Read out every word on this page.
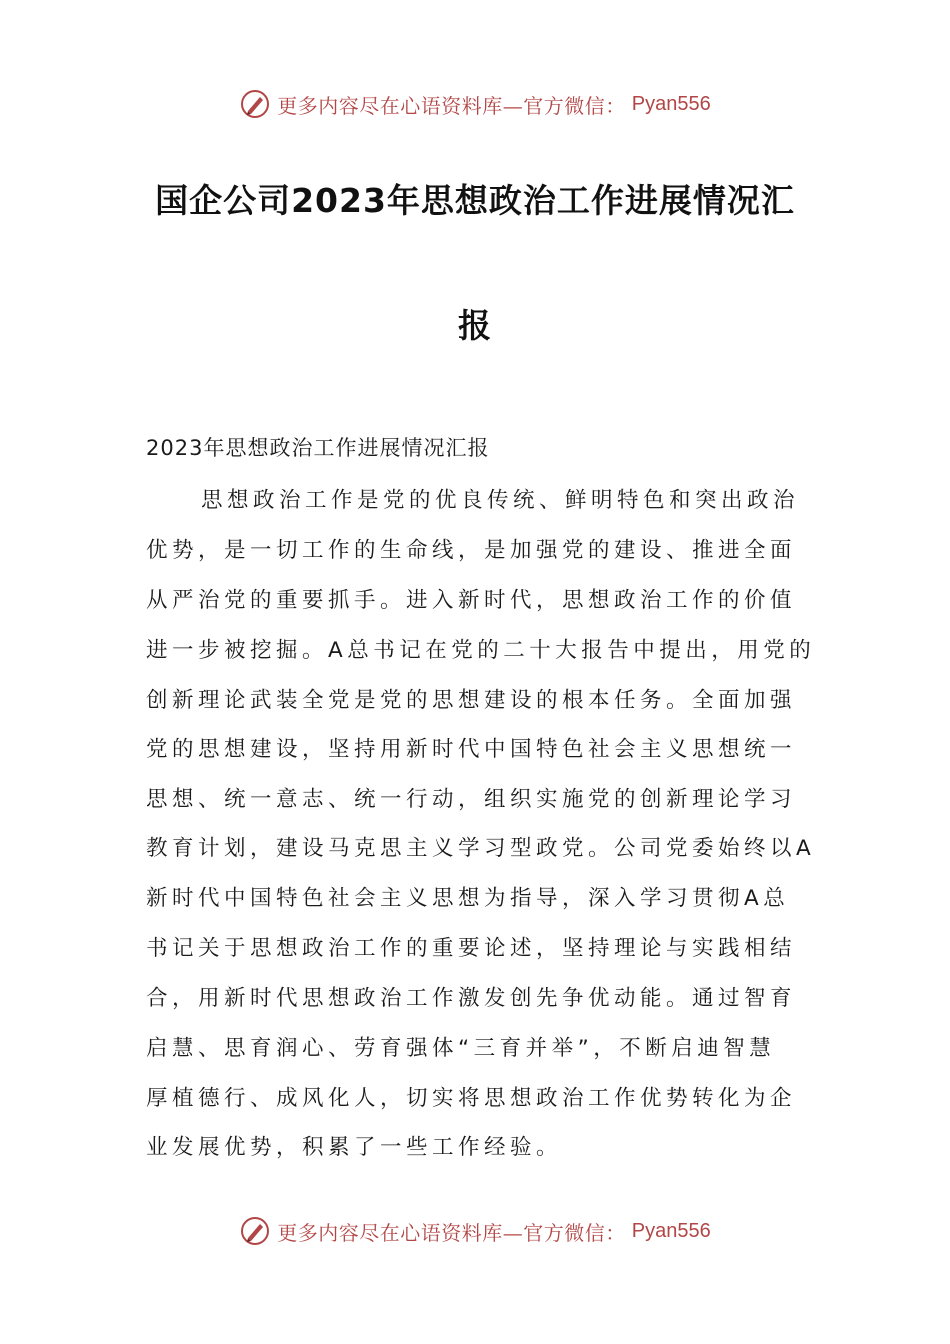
更多内容尽在心语资料库—官方微信： Pyan556
国企公司2023年思想政治工作进展情况汇
报
2023年思想政治工作进展情况汇报
思想政治工作是党的优良传统、鲜明特色和突出政治
优势，是一切工作的生命线，是加强党的建设、推进全面
从严治党的重要抓手。进入新时代，思想政治工作的价值
进一步被挖掘。A总书记在党的二十大报告中提出，用党的
创新理论武装全党是党的思想建设的根本任务。全面加强
党的思想建设，坚持用新时代中国特色社会主义思想统一
思想、统一意志、统一行动，组织实施党的创新理论学习
教育计划，建设马克思主义学习型政党。公司党委始终以A
新时代中国特色社会主义思想为指导，深入学习贯彻A总
书记关于思想政治工作的重要论述，坚持理论与实践相结
合，用新时代思想政治工作激发创先争优动能。通过智育
启慧、思育润心、劳育强体“三育并举”，不断启迪智慧
厚植德行、成风化人，切实将思想政治工作优势转化为企
业发展优势，积累了一些工作经验。
更多内容尽在心语资料库—官方微信： Pyan556
